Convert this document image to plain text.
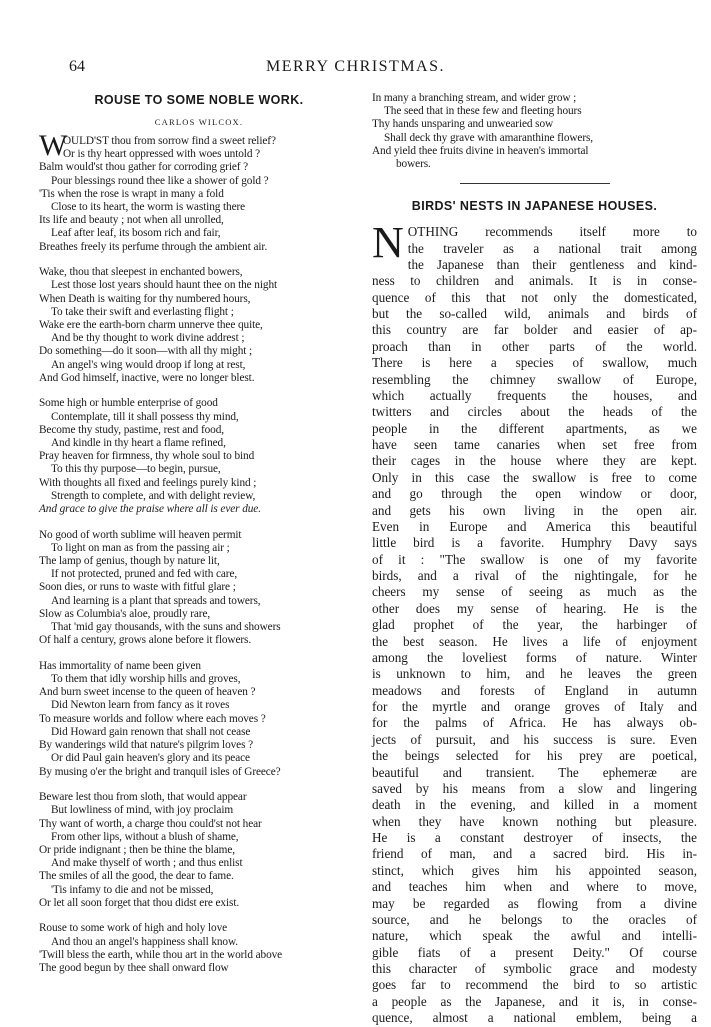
64	MERRY CHRISTMAS.
ROUSE TO SOME NOBLE WORK.
CARLOS WILCOX.
W
OULD'ST thou from sorrow find a sweet relief?
Or is thy heart oppressed with woes untold ?
Balm would'st thou gather for corroding grief ?
Pour blessings round thee like a shower of gold ?
'Tis when the rose is wrapt in many a fold
Close to its heart, the worm is wasting there
Its life and beauty ; not when all unrolled,
Leaf after leaf, its bosom rich and fair,
Breathes freely its perfume through the ambient air.
Wake, thou that sleepest in enchanted bowers,
Lest those lost years should haunt thee on the night
When Death is waiting for thy numbered hours,
To take their swift and everlasting flight ;
Wake ere the earth-born charm unnerve thee quite,
And be thy thought to work divine addrest ;
Do something—do it soon—with all thy might ;
An angel's wing would droop if long at rest,
And God himself, inactive, were no longer blest.
Some high or humble enterprise of good
Contemplate, till it shall possess thy mind,
Become thy study, pastime, rest and food,
And kindle in thy heart a flame refined,
Pray heaven for firmness, thy whole soul to bind
To this thy purpose—to begin, pursue,
With thoughts all fixed and feelings purely kind ;
Strength to complete, and with delight review,
And grace to give the praise where all is ever due.
No good of worth sublime will heaven permit
To light on man as from the passing air ;
The lamp of genius, though by nature lit,
If not protected, pruned and fed with care,
Soon dies, or runs to waste with fitful glare ;
And learning is a plant that spreads and towers,
Slow as Columbia's aloe, proudly rare,
That 'mid gay thousands, with the suns and showers
Of half a century, grows alone before it flowers.
Has immortality of name been given
To them that idly worship hills and groves,
And burn sweet incense to the queen of heaven ?
Did Newton learn from fancy as it roves
To measure worlds and follow where each moves ?
Did Howard gain renown that shall not cease
By wanderings wild that nature's pilgrim loves ?
Or did Paul gain heaven's glory and its peace
By musing o'er the bright and tranquil isles of Greece?
Beware lest thou from sloth, that would appear
But lowliness of mind, with joy proclaim
Thy want of worth, a charge thou could'st not hear
From other lips, without a blush of shame,
Or pride indignant ; then be thine the blame,
And make thyself of worth ; and thus enlist
The smiles of all the good, the dear to fame.
'Tis infamy to die and not be missed,
Or let all soon forget that thou didst ere exist.
Rouse to some work of high and holy love
And thou an angel's happiness shall know.
'Twill bless the earth, while thou art in the world above
The good begun by thee shall onward flow
In many a branching stream, and wider grow ;
The seed that in these few and fleeting hours
Thy hands unsparing and unwearied sow
Shall deck thy grave with amaranthine flowers,
And yield thee fruits divine in heaven's immortal
bowers.
BIRDS' NESTS IN JAPANESE HOUSES.
N OTHING recommends itself more to
the traveler as a national trait among
the Japanese than their gentleness and kind-
ness to children and animals. It is in conse-
quence of this that not only the domesticated,
but the so-called wild, animals and birds of
this country are far bolder and easier of ap-
proach than in other parts of the world.
There is here a species of swallow, much
resembling the chimney swallow of Europe,
which actually frequents the houses, and
twitters and circles about the heads of the
people in the different apartments, as we
have seen tame canaries when set free from
their cages in the house where they are kept.
Only in this case the swallow is free to come
and go through the open window or door,
and gets his own living in the open air.
Even in Europe and America this beautiful
little bird is a favorite. Humphry Davy says
of it : "The swallow is one of my favorite
birds, and a rival of the nightingale, for he
cheers my sense of seeing as much as the
other does my sense of hearing. He is the
glad prophet of the year, the harbinger of
the best season. He lives a life of enjoyment
among the loveliest forms of nature. Winter
is unknown to him, and he leaves the green
meadows and forests of England in autumn
for the myrtle and orange groves of Italy and
for the palms of Africa. He has always ob-
jects of pursuit, and his success is sure. Even
the beings selected for his prey are poetical,
beautiful and transient. The ephemeræ are
saved by his means from a slow and lingering
death in the evening, and killed in a moment
when they have known nothing but pleasure.
He is a constant destroyer of insects, the
friend of man, and a sacred bird. His in-
stinct, which gives him his appointed season,
and teaches him when and where to move,
may be regarded as flowing from a divine
source, and he belongs to the oracles of
nature, which speak the awful and intelli-
gible fiats of a present Deity." Of course
this character of symbolic grace and modesty
goes far to recommend the bird to so artistic
a people as the Japanese, and it is, in conse-
quence, almost a national emblem, being a
